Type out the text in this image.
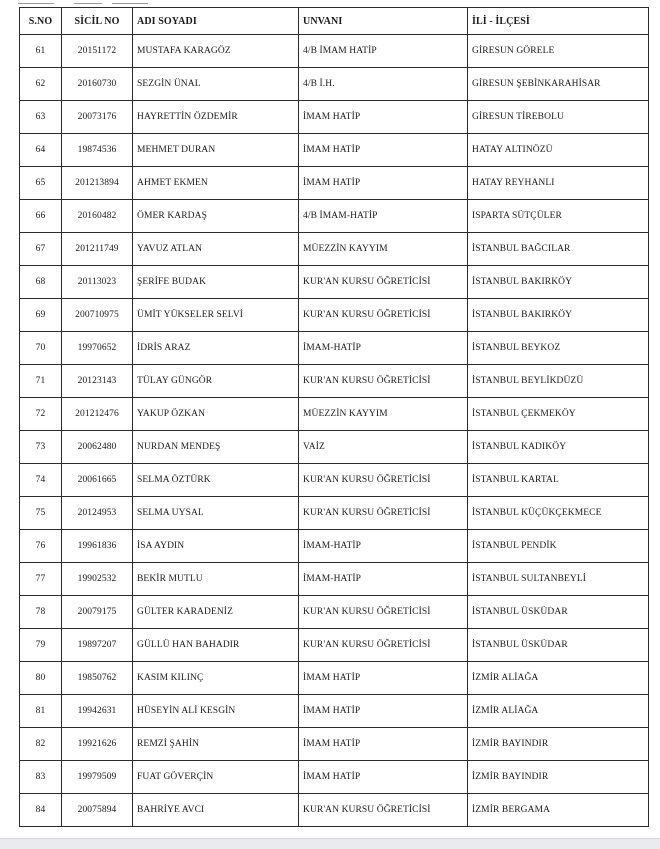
S.NO	SİCİL NO	ADI SOYADI	UNVANI	İLİ - İLÇESİ
61	20151172	MUSTAFA KARAGÖZ	4/B İMAM HATİP	GİRESUN GÖRELE
62	20160730	SEZGİN ÜNAL	4/B İ.H.	GİRESUN ŞEBİNKARAHİSAR
63	20073176	HAYRETTİN ÖZDEMİR	İMAM HATİP	GİRESUN TİREBOLU
64	19874536	MEHMET DURAN	İMAM HATİP	HATAY ALTINÖZÜ
65	201213894	AHMET EKMEN	İMAM HATİP	HATAY REYHANLI
66	20160482	ÖMER KARDAŞ	4/B İMAM-HATİP	ISPARTA SÜTÇÜLER
67	201211749	YAVUZ ATLAN	MÜEZZİN KAYYIM	İSTANBUL BAĞCILAR
68	20113023	ŞERİFE BUDAK	KUR'AN KURSU ÖĞRETİCİSİ	İSTANBUL BAKIRKÖY
69	200710975	ÜMİT YÜKSELER SELVİ	KUR'AN KURSU ÖĞRETİCİSİ	İSTANBUL BAKIRKÖY
70	19970652	İDRİS ARAZ	İMAM-HATİP	İSTANBUL BEYKOZ
71	20123143	TÜLAY GÜNGÖR	KUR'AN KURSU ÖĞRETİCİSİ	İSTANBUL BEYLİKDÜZÜ
72	201212476	YAKUP ÖZKAN	MÜEZZİN KAYYIM	İSTANBUL ÇEKMEKÖY
73	20062480	NURDAN MENDEŞ	VAİZ	İSTANBUL KADIKÖY
74	20061665	SELMA ÖZTÜRK	KUR'AN KURSU ÖĞRETİCİSİ	İSTANBUL KARTAL
75	20124953	SELMA UYSAL	KUR'AN KURSU ÖĞRETİCİSİ	İSTANBUL KÜÇÜKÇEKMECE
76	19961836	İSA AYDIN	İMAM-HATİP	İSTANBUL PENDİK
77	19902532	BEKİR MUTLU	İMAM-HATİP	İSTANBUL SULTANBEYLİ
78	20079175	GÜLTER KARADENİZ	KUR'AN KURSU ÖĞRETİCİSİ	İSTANBUL ÜSKÜDAR
79	19897207	GÜLLÜ HAN BAHADIR	KUR'AN KURSU ÖĞRETİCİSİ	İSTANBUL ÜSKÜDAR
80	19850762	KASIM KILINÇ	İMAM HATİP	İZMİR ALİAĞA
81	19942631	HÜSEYİN ALİ KESGİN	İMAM HATİP	İZMİR ALİAĞA
82	19921626	REMZİ ŞAHİN	İMAM HATİP	İZMİR BAYINDIR
83	19979509	FUAT GÖVERÇİN	İMAM HATİP	İZMİR BAYINDIR
84	20075894	BAHRİYE AVCI	KUR'AN KURSU ÖĞRETİCİSİ	İZMİR BERGAMA
